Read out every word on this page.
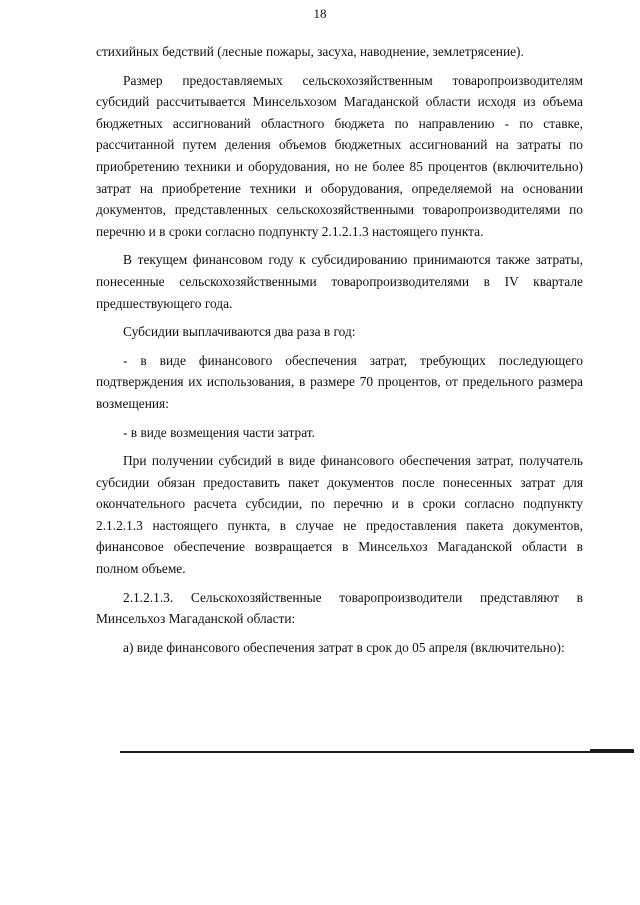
18

стихийных бедствий (лесные пожары, засуха, наводнение, землетрясение).

Размер предоставляемых сельскохозяйственным товаропроизводителям субсидий рассчитывается Минсельхозом Магаданской области исходя из объема бюджетных ассигнований областного бюджета по направлению - по ставке, рассчитанной путем деления объемов бюджетных ассигнований на затраты по приобретению техники и оборудования, но не более 85 процентов (включительно) затрат на приобретение техники и оборудования, определяемой на основании документов, представленных сельскохозяйственными товаропроизводителями по перечню и в сроки согласно подпункту 2.1.2.1.3 настоящего пункта.

В текущем финансовом году к субсидированию принимаются также затраты, понесенные сельскохозяйственными товаропроизводителями в IV квартале предшествующего года.

Субсидии выплачиваются два раза в год:

- в виде финансового обеспечения затрат, требующих последующего подтверждения их использования, в размере 70 процентов, от предельного размера возмещения:

- в виде возмещения части затрат.

При получении субсидий в виде финансового обеспечения затрат, получатель субсидии обязан предоставить пакет документов после понесенных затрат для окончательного расчета субсидии, по перечню и в сроки согласно подпункту 2.1.2.1.3 настоящего пункта, в случае не предоставления пакета документов, финансовое обеспечение возвращается в Минсельхоз Магаданской области в полном объеме.

2.1.2.1.3. Сельскохозяйственные товаропроизводители представляют в Минсельхоз Магаданской области:

а) виде финансового обеспечения затрат в срок до 05 апреля (включительно):
